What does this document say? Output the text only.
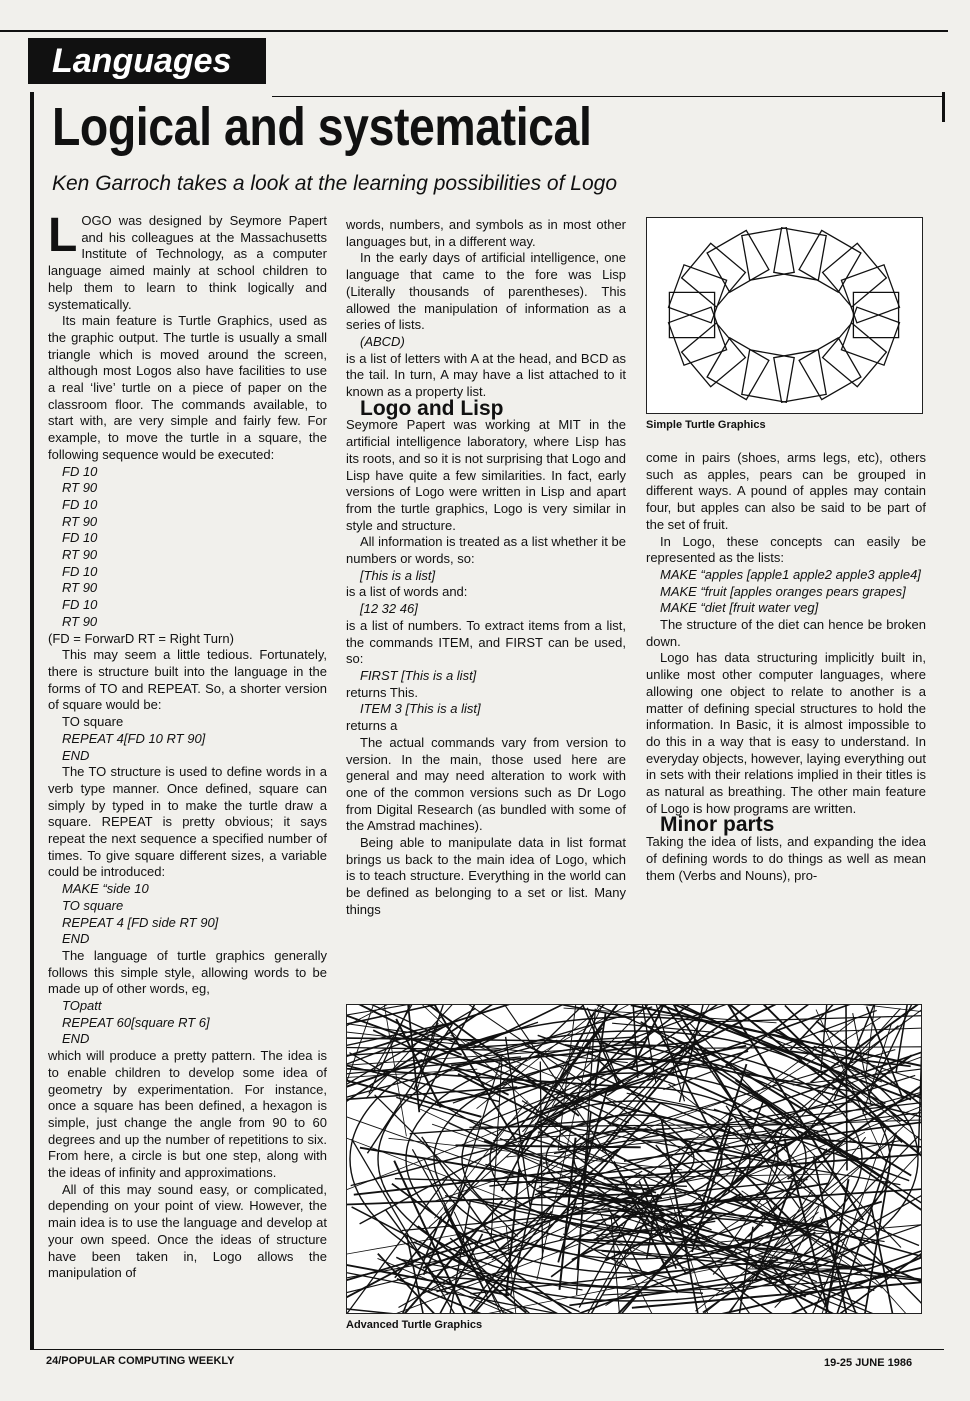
Languages
Logical and systematical
Ken Garroch takes a look at the learning possibilities of Logo

LOGO was designed by Seymore Papert and his colleagues at the Massachusetts Institute of Technology, as a computer language aimed mainly at school children to help them to learn to think logically and systematically.

Its main feature is Turtle Graphics, used as the graphic output. The turtle is usually a small triangle which is moved around the screen, although most Logos also have facilities to use a real ‘live’ turtle on a piece of paper on the classroom floor. The commands available, to start with, are very simple and fairly few. For example, to move the turtle in a square, the following sequence would be executed:

FD 10

RT 90

FD 10

RT 90

FD 10

RT 90

FD 10

RT 90

FD 10

RT 90

(FD = ForwarD RT = Right Turn)

This may seem a little tedious. Fortunately, there is structure built into the language in the forms of TO and REPEAT. So, a shorter version of square would be:

TO square

REPEAT 4[FD 10 RT 90]

END

The TO structure is used to define words in a verb type manner. Once defined, square can simply by typed in to make the turtle draw a square. REPEAT is pretty obvious; it says repeat the next sequence a specified number of times. To give square different sizes, a variable could be introduced:

MAKE “side 10

TO square

REPEAT 4 [FD side RT 90]

END

The language of turtle graphics generally follows this simple style, allowing words to be made up of other words, eg,

TOpatt

REPEAT 60[square RT 6]

END

which will produce a pretty pattern. The idea is to enable children to develop some idea of geometry by experimentation. For instance, once a square has been defined, a hexagon is simple, just change the angle from 90 to 60 degrees and up the number of repetitions to six. From here, a circle is but one step, along with the ideas of infinity and approximations.

All of this may sound easy, or complicated, depending on your point of view. However, the main idea is to use the language and develop at your own speed. Once the ideas of structure have been taken in, Logo allows the manipulation of

words, numbers, and symbols as in most other languages but, in a different way.

In the early days of artificial intelligence, one language that came to the fore was Lisp (Literally thousands of parentheses). This allowed the manipulation of information as a series of lists.

(ABCD)

is a list of letters with A at the head, and BCD as the tail. In turn, A may have a list attached to it known as a property list.

Logo and Lisp

Seymore Papert was working at MIT in the artificial intelligence laboratory, where Lisp has its roots, and so it is not surprising that Logo and Lisp have quite a few similarities. In fact, early versions of Logo were written in Lisp and apart from the turtle graphics, Logo is very similar in style and structure.

All information is treated as a list whether it be numbers or words, so:

[This is a list]

is a list of words and:

[12 32 46]

is a list of numbers. To extract items from a list, the commands ITEM, and FIRST can be used, so:

FIRST [This is a list]

returns This.

ITEM 3 [This is a list]

returns a

The actual commands vary from version to version. In the main, those used here are general and may need alteration to work with one of the common versions such as Dr Logo from Digital Research (as bundled with some of the Amstrad machines).

Being able to manipulate data in list format brings us back to the main idea of Logo, which is to teach structure. Everything in the world can be defined as belonging to a set or list. Many things

Simple Turtle Graphics

come in pairs (shoes, arms legs, etc), others such as apples, pears can be grouped in different ways. A pound of apples may contain four, but apples can also be said to be part of the set of fruit.

In Logo, these concepts can easily be represented as the lists:

MAKE “apples [apple1 apple2 apple3 apple4]

MAKE “fruit [apples oranges pears grapes]

MAKE “diet [fruit water veg]

The structure of the diet can hence be broken down.

Logo has data structuring implicitly built in, unlike most other computer languages, where allowing one object to relate to another is a matter of defining special structures to hold the information. In Basic, it is almost impossible to do this in a way that is easy to understand. In everyday objects, however, laying everything out in sets with their relations implied in their titles is as natural as breathing. The other main feature of Logo is how programs are written.

Minor parts

Taking the idea of lists, and expanding the idea of defining words to do things as well as mean them (Verbs and Nouns), pro-

Advanced Turtle Graphics
24/POPULAR COMPUTING WEEKLY	19-25 JUNE 1986
